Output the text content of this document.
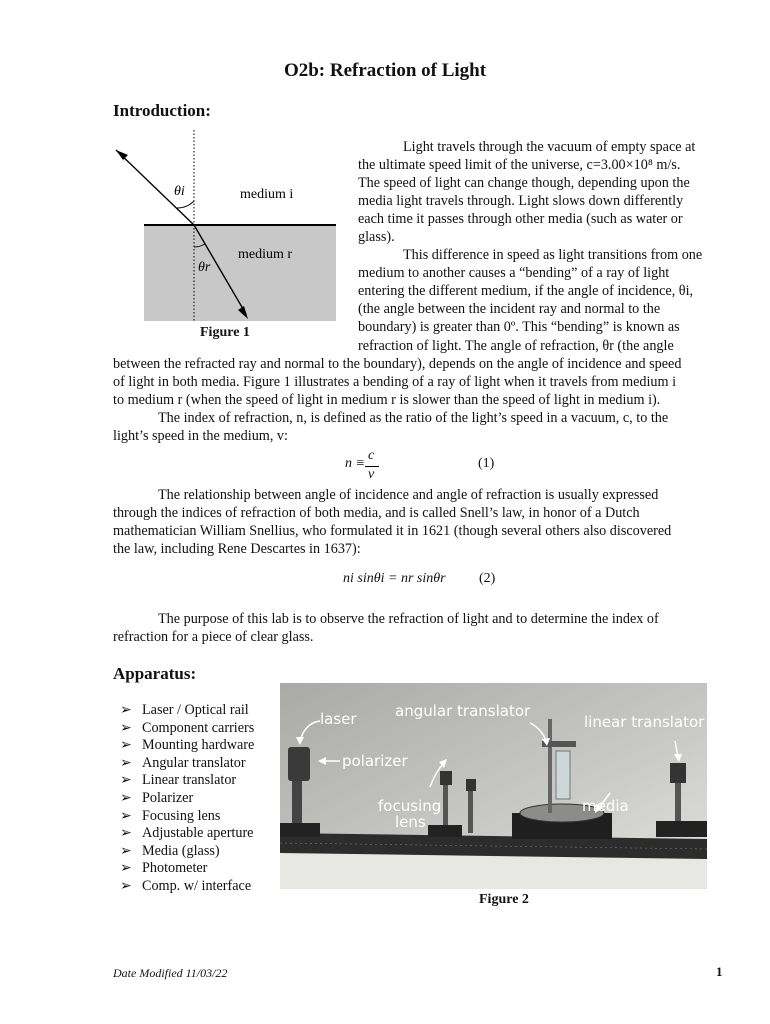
O2b: Refraction of Light
Introduction:
θi
θr
medium i
medium r
Figure 1
Light travels through the vacuum of empty space at
the ultimate speed limit of the universe, c=3.00×10⁸ m/s.
The speed of light can change though, depending upon the
media light travels through. Light slows down differently
each time it passes through other media (such as water or
glass).
This difference in speed as light transitions from one
medium to another causes a “bending” of a ray of light
entering the different medium, if the angle of incidence, θi,
(the angle between the incident ray and normal to the
boundary) is greater than 0º. This “bending” is known as
refraction of light. The angle of refraction, θr (the angle
between the refracted ray and normal to the boundary), depends on the angle of incidence and speed
of light in both media. Figure 1 illustrates a bending of a ray of light when it travels from medium i
to medium r (when the speed of light in medium r is slower than the speed of light in medium i).
The index of refraction, n, is defined as the ratio of the light’s speed in a vacuum, c, to the
light’s speed in the medium, v:
n ≡
c
v
(1)
The relationship between angle of incidence and angle of refraction is usually expressed
through the indices of refraction of both media, and is called Snell’s law, in honor of a Dutch
mathematician William Snellius, who formulated it in 1621 (though several others also discovered
the law, including Rene Descartes in 1637):
ni sinθi = nr sinθr (2)
The purpose of this lab is to observe the refraction of light and to determine the index of
refraction for a piece of clear glass.
Apparatus:
➢ Laser / Optical rail
➢ Component carriers
➢ Mounting hardware
➢ Angular translator
➢ Linear translator
➢ Polarizer
➢ Focusing lens
➢ Adjustable aperture
➢ Media (glass)
➢ Photometer
➢ Comp. w/ interface
laser	angular translator
linear translator
polarizer
focusing
lens
media
Figure 2
Date Modified 11/03/22	1
